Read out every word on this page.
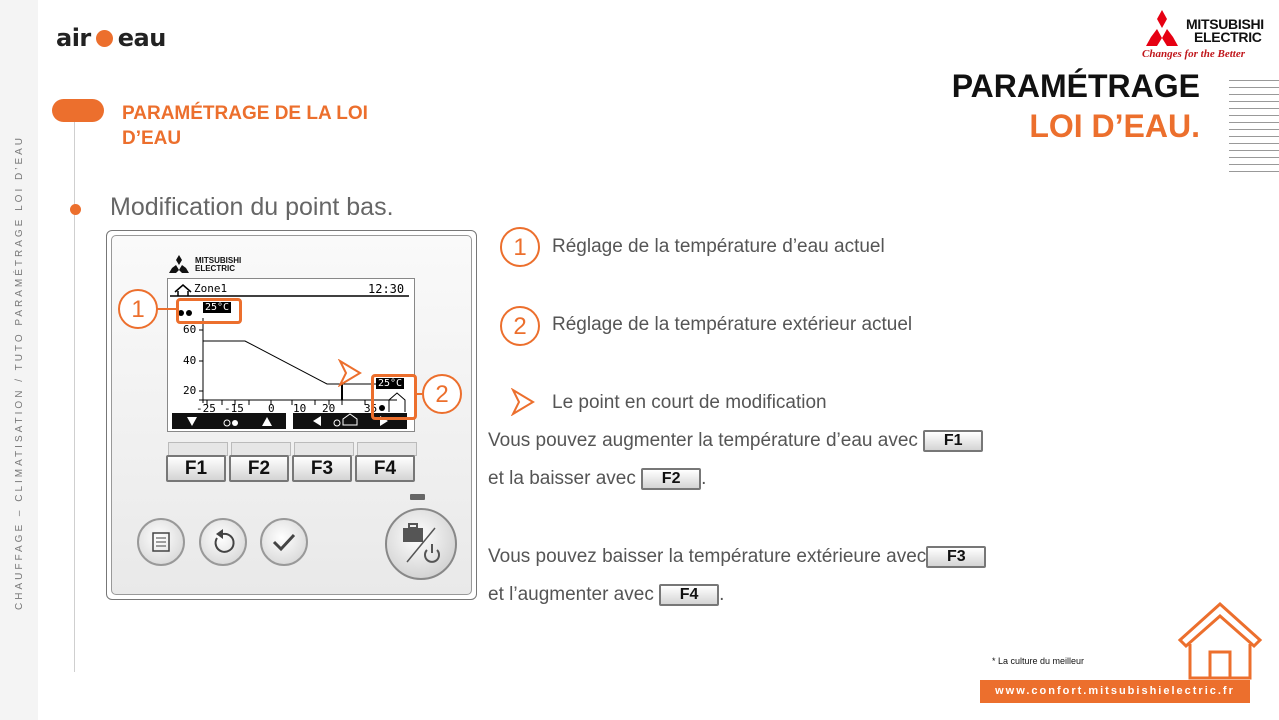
CHAUFFAGE – CLIMATISATION / TUTO PARAMÉTRAGE LOI D’EAU
air eau
PARAMÉTRAGE DE LA LOI D’EAU
Modification du point bas.
MITSUBISHI
ELECTRIC
Changes for the Better
PARAMÉTRAGE
LOI D’EAU.
MITSUBISHI
ELECTRIC
Zone1	12:30
25°C
25°C
60
40
20
-25 -15 0 10 20	35
1
2
F1	F2	F3	F4
1	Réglage de la température d’eau actuel
2	Réglage de la température extérieur actuel
Le point en court de modification
Vous pouvez augmenter la température d’eau avec F1
et la baisser avec F2 .
Vous pouvez baisser la température extérieure avec F3
et l’augmenter avec F4 .
* La culture du meilleur
www.confort.mitsubishielectric.fr
